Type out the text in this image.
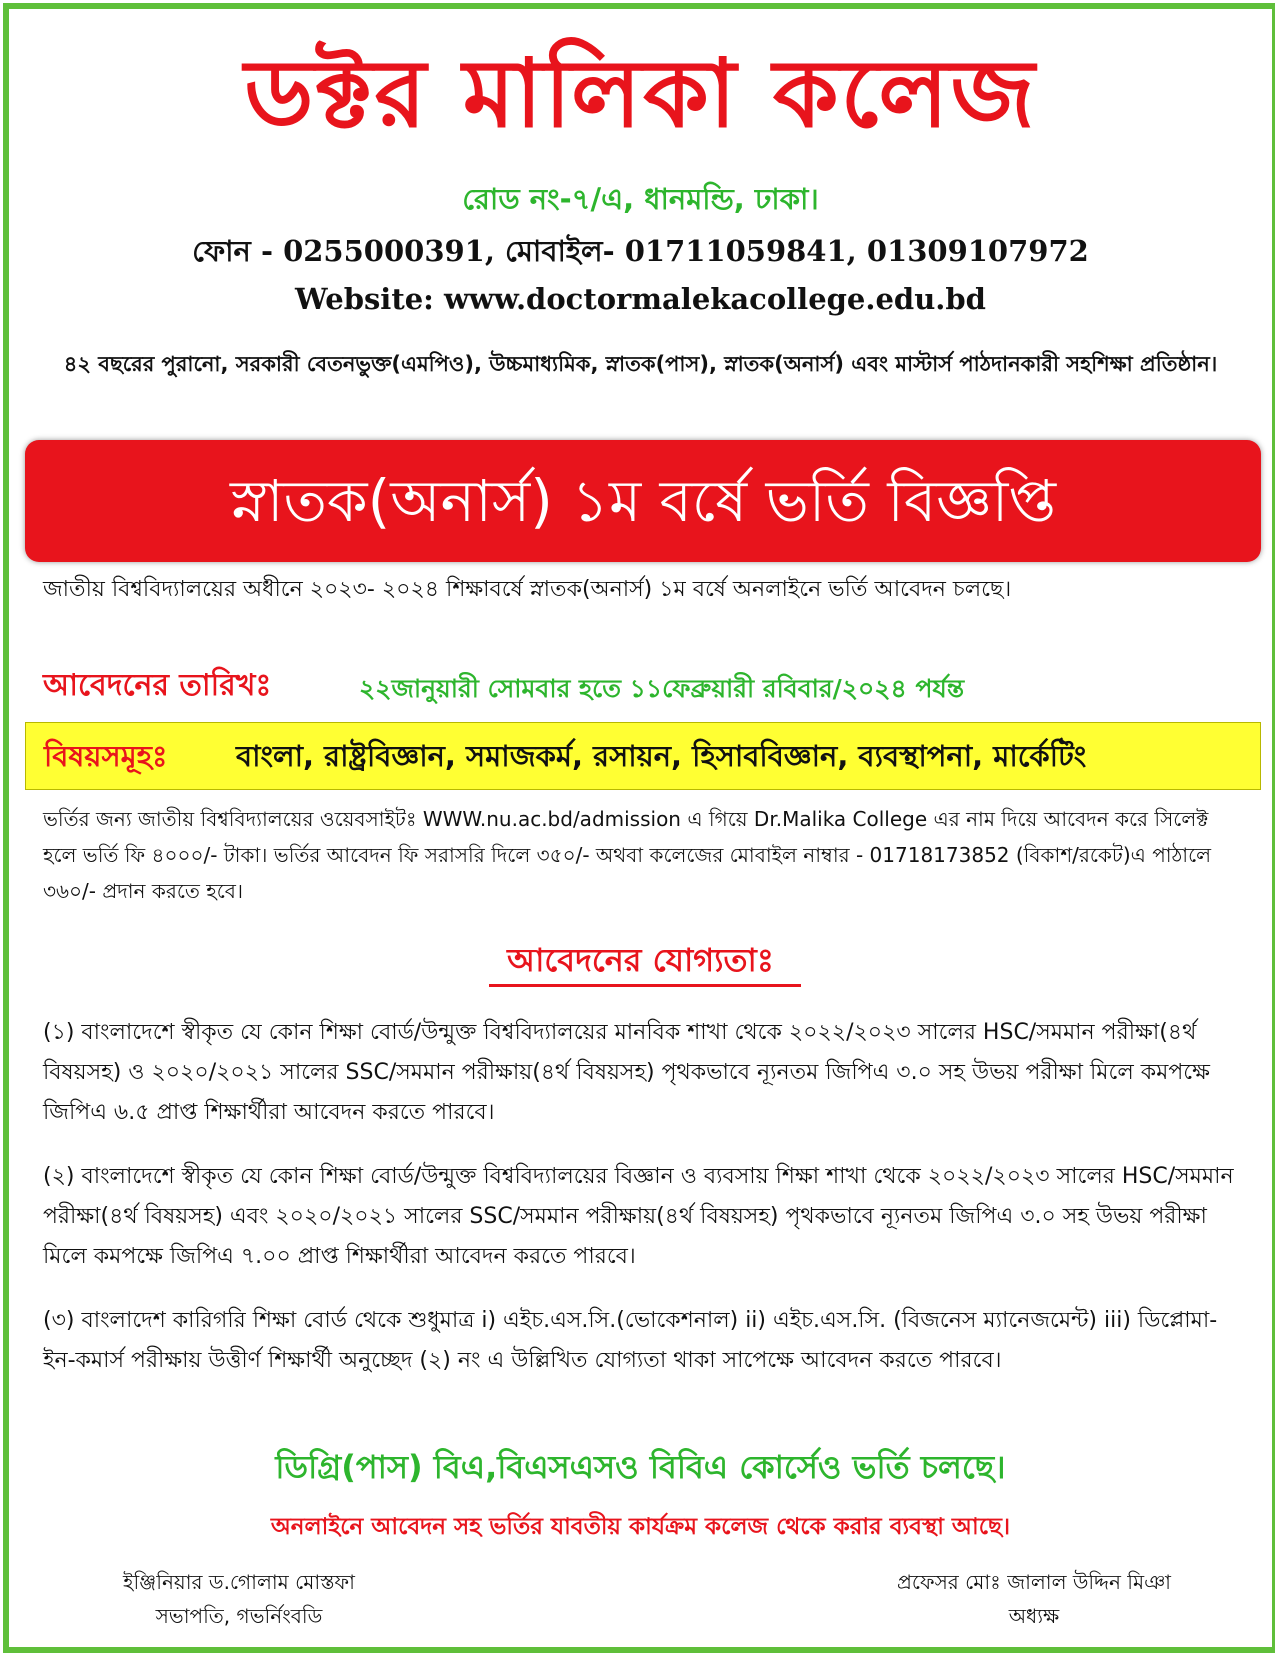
ডক্টর মালিকা কলেজ
রোড নং-৭/এ, ধানমন্ডি, ঢাকা।
ফোন - 0255000391, মোবাইল- 01711059841, 01309107972
Website: www.doctormalekacollege.edu.bd
৪২ বছরের পুরানো, সরকারী বেতনভুক্ত(এমপিও), উচ্চমাধ্যমিক, স্নাতক(পাস), স্নাতক(অনার্স) এবং মাস্টার্স পাঠদানকারী সহশিক্ষা প্রতিষ্ঠান।
স্নাতক(অনার্স) ১ম বর্ষে ভর্তি বিজ্ঞপ্তি
জাতীয় বিশ্ববিদ্যালয়ের অধীনে ২০২৩- ২০২৪ শিক্ষাবর্ষে স্নাতক(অনার্স) ১ম বর্ষে অনলাইনে ভর্তি আবেদন চলছে।
আবেদনের তারিখঃ	২২জানুয়ারী সোমবার হতে ১১ফেব্রুয়ারী রবিবার/২০২৪ পর্যন্ত
বিষয়সমূহঃ বাংলা, রাষ্ট্রবিজ্ঞান, সমাজকর্ম, রসায়ন, হিসাববিজ্ঞান, ব্যবস্থাপনা, মার্কেটিং
ভর্তির জন্য জাতীয় বিশ্ববিদ্যালয়ের ওয়েবসাইটঃ WWW.nu.ac.bd/admission এ গিয়ে Dr.Malika College এর নাম দিয়ে আবেদন করে সিলেক্ট হলে ভর্তি ফি ৪০০০/- টাকা। ভর্তির আবেদন ফি সরাসরি দিলে ৩৫০/- অথবা কলেজের মোবাইল নাম্বার - 01718173852 (বিকাশ/রকেট)এ পাঠালে ৩৬০/- প্রদান করতে হবে।
আবেদনের যোগ্যতাঃ
(১) বাংলাদেশে স্বীকৃত যে কোন শিক্ষা বোর্ড/উন্মুক্ত বিশ্ববিদ্যালয়ের মানবিক শাখা থেকে ২০২২/২০২৩ সালের HSC/সমমান পরীক্ষা(৪র্থ বিষয়সহ) ও ২০২০/২০২১ সালের SSC/সমমান পরীক্ষায়(৪র্থ বিষয়সহ) পৃথকভাবে ন্যূনতম জিপিএ ৩.০ সহ উভয় পরীক্ষা মিলে কমপক্ষে জিপিএ ৬.৫ প্রাপ্ত শিক্ষার্থীরা আবেদন করতে পারবে।
(২) বাংলাদেশে স্বীকৃত যে কোন শিক্ষা বোর্ড/উন্মুক্ত বিশ্ববিদ্যালয়ের বিজ্ঞান ও ব্যবসায় শিক্ষা শাখা থেকে ২০২২/২০২৩ সালের HSC/সমমান পরীক্ষা(৪র্থ বিষয়সহ) এবং ২০২০/২০২১ সালের SSC/সমমান পরীক্ষায়(৪র্থ বিষয়সহ) পৃথকভাবে ন্যূনতম জিপিএ ৩.০ সহ উভয় পরীক্ষা মিলে কমপক্ষে জিপিএ ৭.০০ প্রাপ্ত শিক্ষার্থীরা আবেদন করতে পারবে।
(৩) বাংলাদেশ কারিগরি শিক্ষা বোর্ড থেকে শুধুমাত্র i) এইচ.এস.সি.(ভোকেশনাল) ii) এইচ.এস.সি. (বিজনেস ম্যানেজমেন্ট) iii) ডিপ্লোমা-ইন-কমার্স পরীক্ষায় উত্তীর্ণ শিক্ষার্থী অনুচ্ছেদ (২) নং এ উল্লিখিত যোগ্যতা থাকা সাপেক্ষে আবেদন করতে পারবে।
ডিগ্রি(পাস) বিএ,বিএসএসও বিবিএ কোর্সেও ভর্তি চলছে।
অনলাইনে আবেদন সহ ভর্তির যাবতীয় কার্যক্রম কলেজ থেকে করার ব্যবস্থা আছে।
ইঞ্জিনিয়ার ড.গোলাম মোস্তফা
সভাপতি, গভর্নিংবডি
প্রফেসর মোঃ জালাল উদ্দিন মিঞা
অধ্যক্ষ
